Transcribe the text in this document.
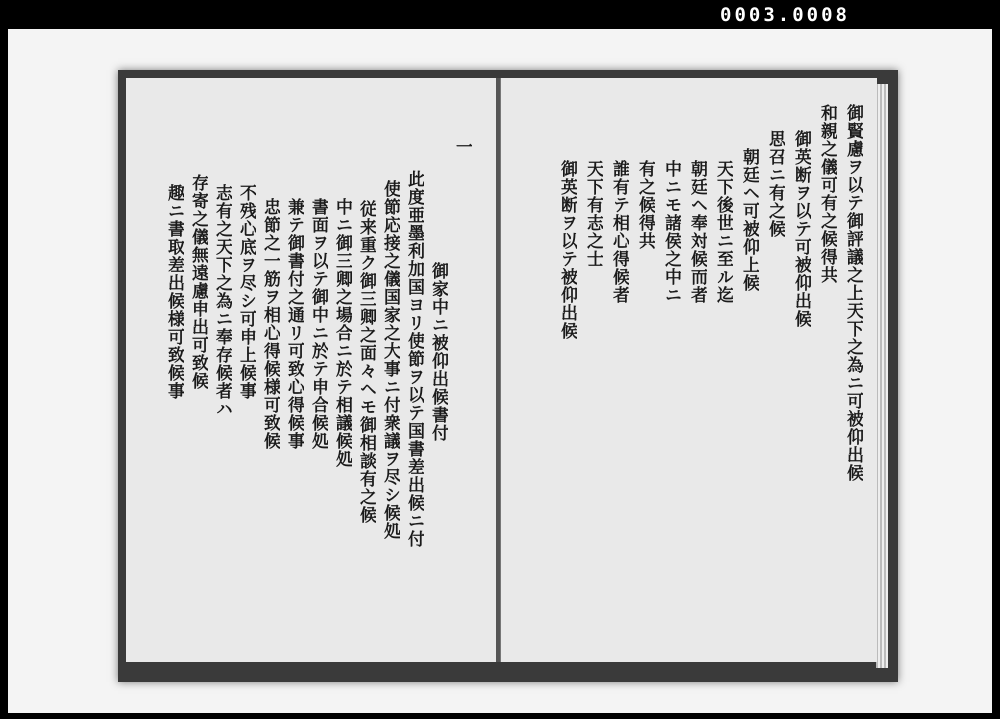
0003.0008
一
御家中ニ被仰出候書付
此度亜墨利加国ヨリ使節ヲ以テ国書差出候ニ付
使節応接之儀国家之大事ニ付衆議ヲ尽シ候処
従来重ク御三卿之面々ヘモ御相談有之候
中ニ御三卿之場合ニ於テ相議候処
書面ヲ以テ御中ニ於テ申合候処
兼テ御書付之通リ可致心得候事
忠節之一筋ヲ相心得候様可致候
不残心底ヲ尽シ可申上候事
志有之天下之為ニ奉存候者ハ
存寄之儀無遠慮申出可致候
趣ニ書取差出候様可致候事	御賢慮ヲ以テ御評議之上天下之為ニ可被仰出候
和親之儀可有之候得共
御英断ヲ以テ可被仰出候
思召ニ有之候
朝廷ヘ可被仰上候
天下後世ニ至ル迄
朝廷ヘ奉対候而者
中ニモ諸侯之中ニ
有之候得共
誰有テ相心得候者
天下有志之士
御英断ヲ以テ被仰出候
